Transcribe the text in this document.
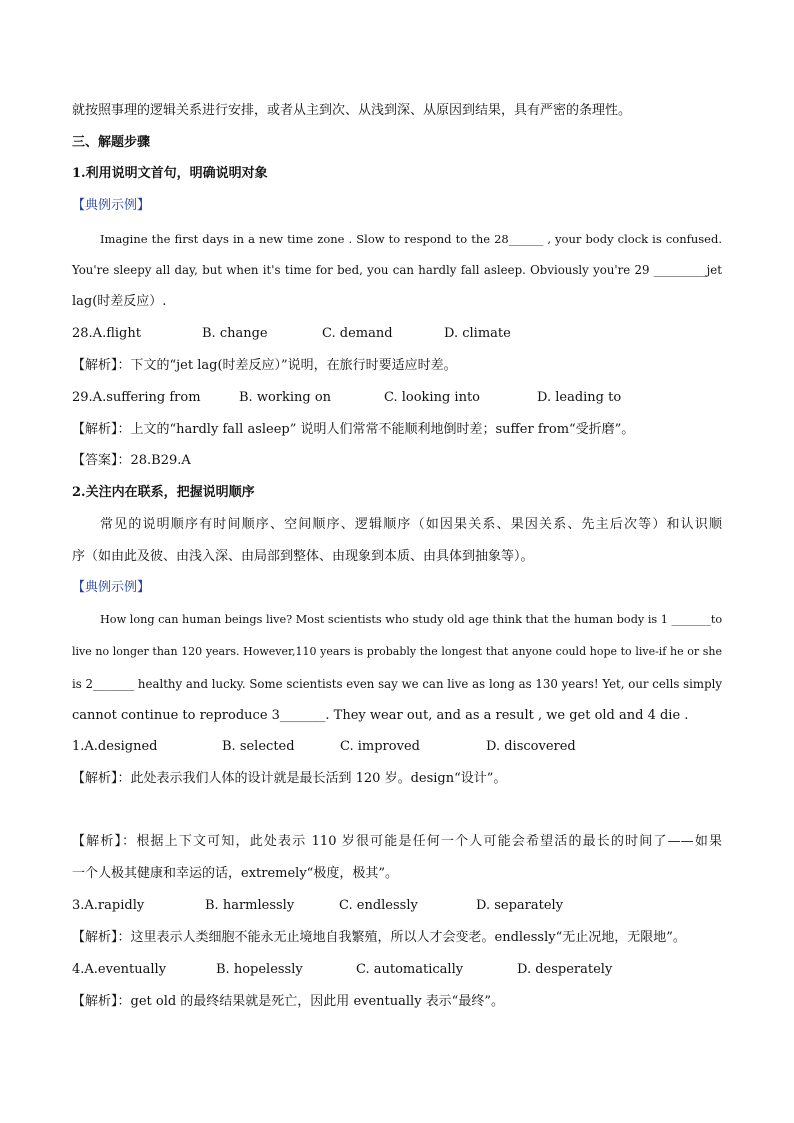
就按照事理的逻辑关系进行安排，或者从主到次、从浅到深、从原因到结果，具有严密的条理性。
三、解题步骤
1.利用说明文首句，明确说明对象
【典例示例】
Imagine the first days in a new time zone . Slow to respond to the 28______ , your body clock is confused.
You're sleepy all day, but when it's time for bed, you can hardly fall asleep. Obviously you're 29 _________jet
lag(时差反应）.
28.A.flight	B. change	C. demand	D. climate
【解析】：下文的“jet lag(时差反应）”说明，在旅行时要适应时差。
29.A.suffering from	B. working on	C. looking into	D. leading to
【解析】：上文的“hardly fall asleep” 说明人们常常不能顺利地倒时差；suffer from“受折磨”。
【答案】：28.B29.A
2.关注内在联系，把握说明顺序
常见的说明顺序有时间顺序、空间顺序、逻辑顺序（如因果关系、果因关系、先主后次等）和认识顺
序（如由此及彼、由浅入深、由局部到整体、由现象到本质、由具体到抽象等）。
【典例示例】
How long can human beings live? Most scientists who study old age think that the human body is 1 _______to
live no longer than 120 years. However,110 years is probably the longest that anyone could hope to live-if he or she
is 2_______ healthy and lucky. Some scientists even say we can live as long as 130 years! Yet, our cells simply
cannot continue to reproduce 3_______. They wear out, and as a result , we get old and 4 die .
1.A.designed	B. selected	C. improved	D. discovered
【解析】：此处表示我们人体的设计就是最长活到 120 岁。design“设计”。
【解析】：根据上下文可知，此处表示 110 岁很可能是任何一个人可能会希望活的最长的时间了——如果
一个人极其健康和幸运的话，extremely“极度，极其”。
3.A.rapidly	B. harmlessly	C. endlessly	D. separately
【解析】：这里表示人类细胞不能永无止境地自我繁殖，所以人才会变老。endlessly“无止况地，无限地”。
4.A.eventually	B. hopelessly	C. automatically	D. desperately
【解析】：get old 的最终结果就是死亡，因此用 eventually 表示“最终”。
